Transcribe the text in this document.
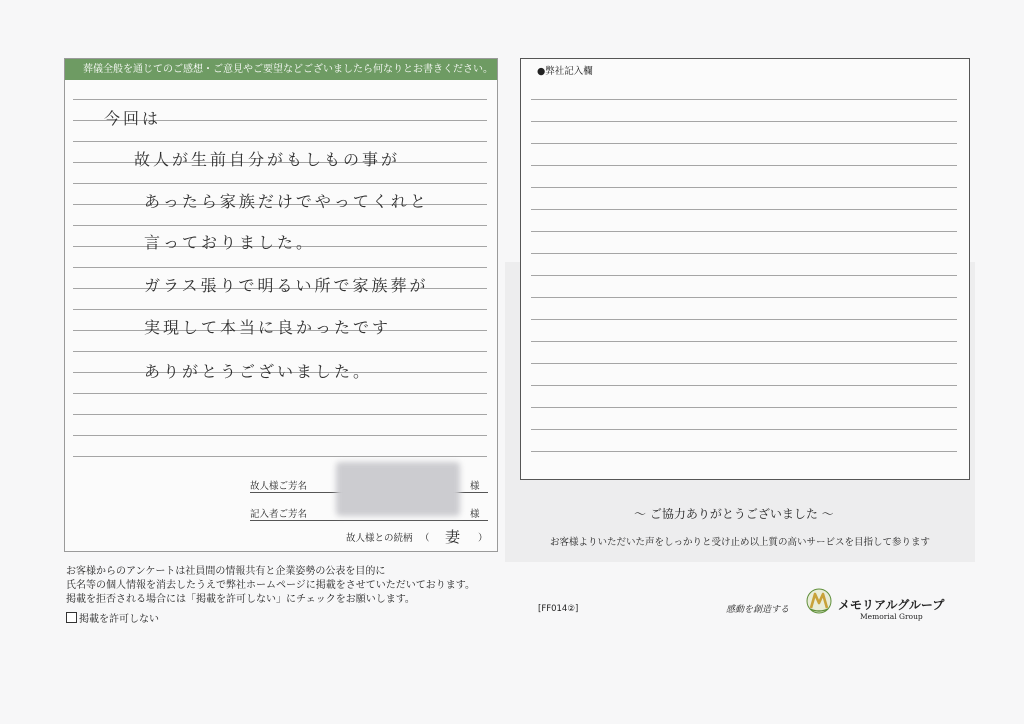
葬儀全般を通じてのご感想・ご意見やご要望などございましたら何なりとお書きください。
今回は
故人が生前自分がもしもの事が
あったら家族だけでやってくれと
言っておりました。
ガラス張りで明るい所で家族葬が
実現して本当に良かったです
ありがとうございました。
故人様ご芳名	様
記入者ご芳名	様
故人様との続柄 （ 妻 ）
●弊社記入欄
～ ご協力ありがとうございました ～
お客様よりいただいた声をしっかりと受け止め以上質の高いサービスを目指して参ります
お客様からのアンケートは社員間の情報共有と企業姿勢の公表を目的に
氏名等の個人情報を消去したうえで弊社ホームページに掲載をさせていただいております。
掲載を拒否される場合には「掲載を許可しない」にチェックをお願いします。
掲載を許可しない
[FF014②]	感動を創造する	メモリアルグループ
Memorial Group
